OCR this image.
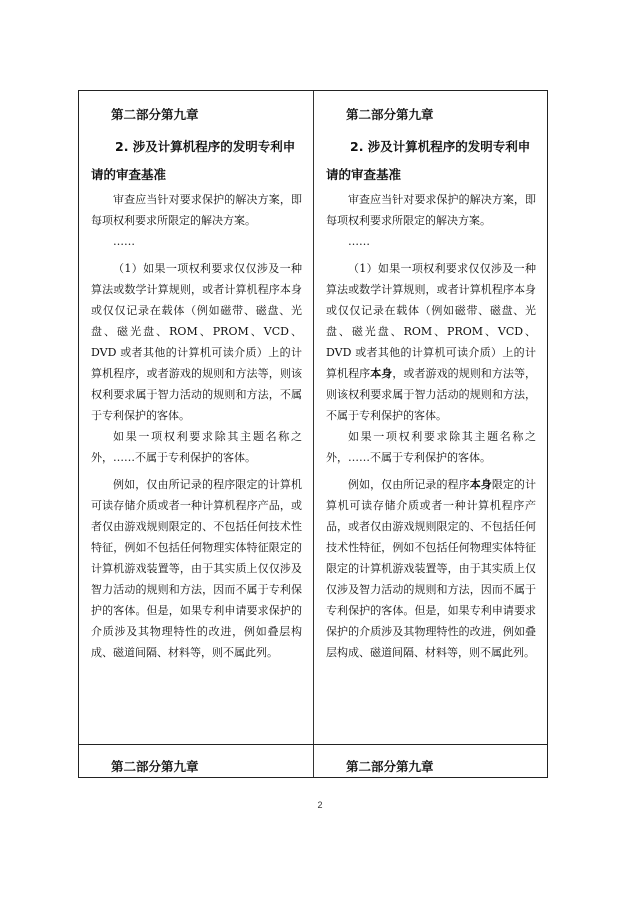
第二部分第九章
2. 涉及计算机程序的发明专利申请的审查基准

审查应当针对要求保护的解决方案，即每项权利要求所限定的解决方案。

……

（1）如果一项权利要求仅仅涉及一种算法或数学计算规则，或者计算机程序本身或仅仅记录在载体（例如磁带、磁盘、光盘、磁光盘、ROM、PROM、VCD、DVD 或者其他的计算机可读介质）上的计算机程序，或者游戏的规则和方法等，则该权利要求属于智力活动的规则和方法，不属于专利保护的客体。

如果一项权利要求除其主题名称之外，……不属于专利保护的客体。

例如，仅由所记录的程序限定的计算机可读存储介质或者一种计算机程序产品，或者仅由游戏规则限定的、不包括任何技术性特征，例如不包括任何物理实体特征限定的计算机游戏装置等，由于其实质上仅仅涉及智力活动的规则和方法，因而不属于专利保护的客体。但是，如果专利申请要求保护的介质涉及其物理特性的改进，例如叠层构成、磁道间隔、材料等，则不属此列。

第二部分第九章
2. 涉及计算机程序的发明专利申请的审查基准

审查应当针对要求保护的解决方案，即每项权利要求所限定的解决方案。

……

（1）如果一项权利要求仅仅涉及一种算法或数学计算规则，或者计算机程序本身或仅仅记录在载体（例如磁带、磁盘、光盘、磁光盘、ROM、PROM、VCD、DVD 或者其他的计算机可读介质）上的计算机程序本身，或者游戏的规则和方法等，则该权利要求属于智力活动的规则和方法，不属于专利保护的客体。

如果一项权利要求除其主题名称之外，……不属于专利保护的客体。

例如，仅由所记录的程序本身限定的计算机可读存储介质或者一种计算机程序产品，或者仅由游戏规则限定的、不包括任何技术性特征，例如不包括任何物理实体特征限定的计算机游戏装置等，由于其实质上仅仅涉及智力活动的规则和方法，因而不属于专利保护的客体。但是，如果专利申请要求保护的介质涉及其物理特性的改进，例如叠层构成、磁道间隔、材料等，则不属此列。

第二部分第九章	第二部分第九章
2
